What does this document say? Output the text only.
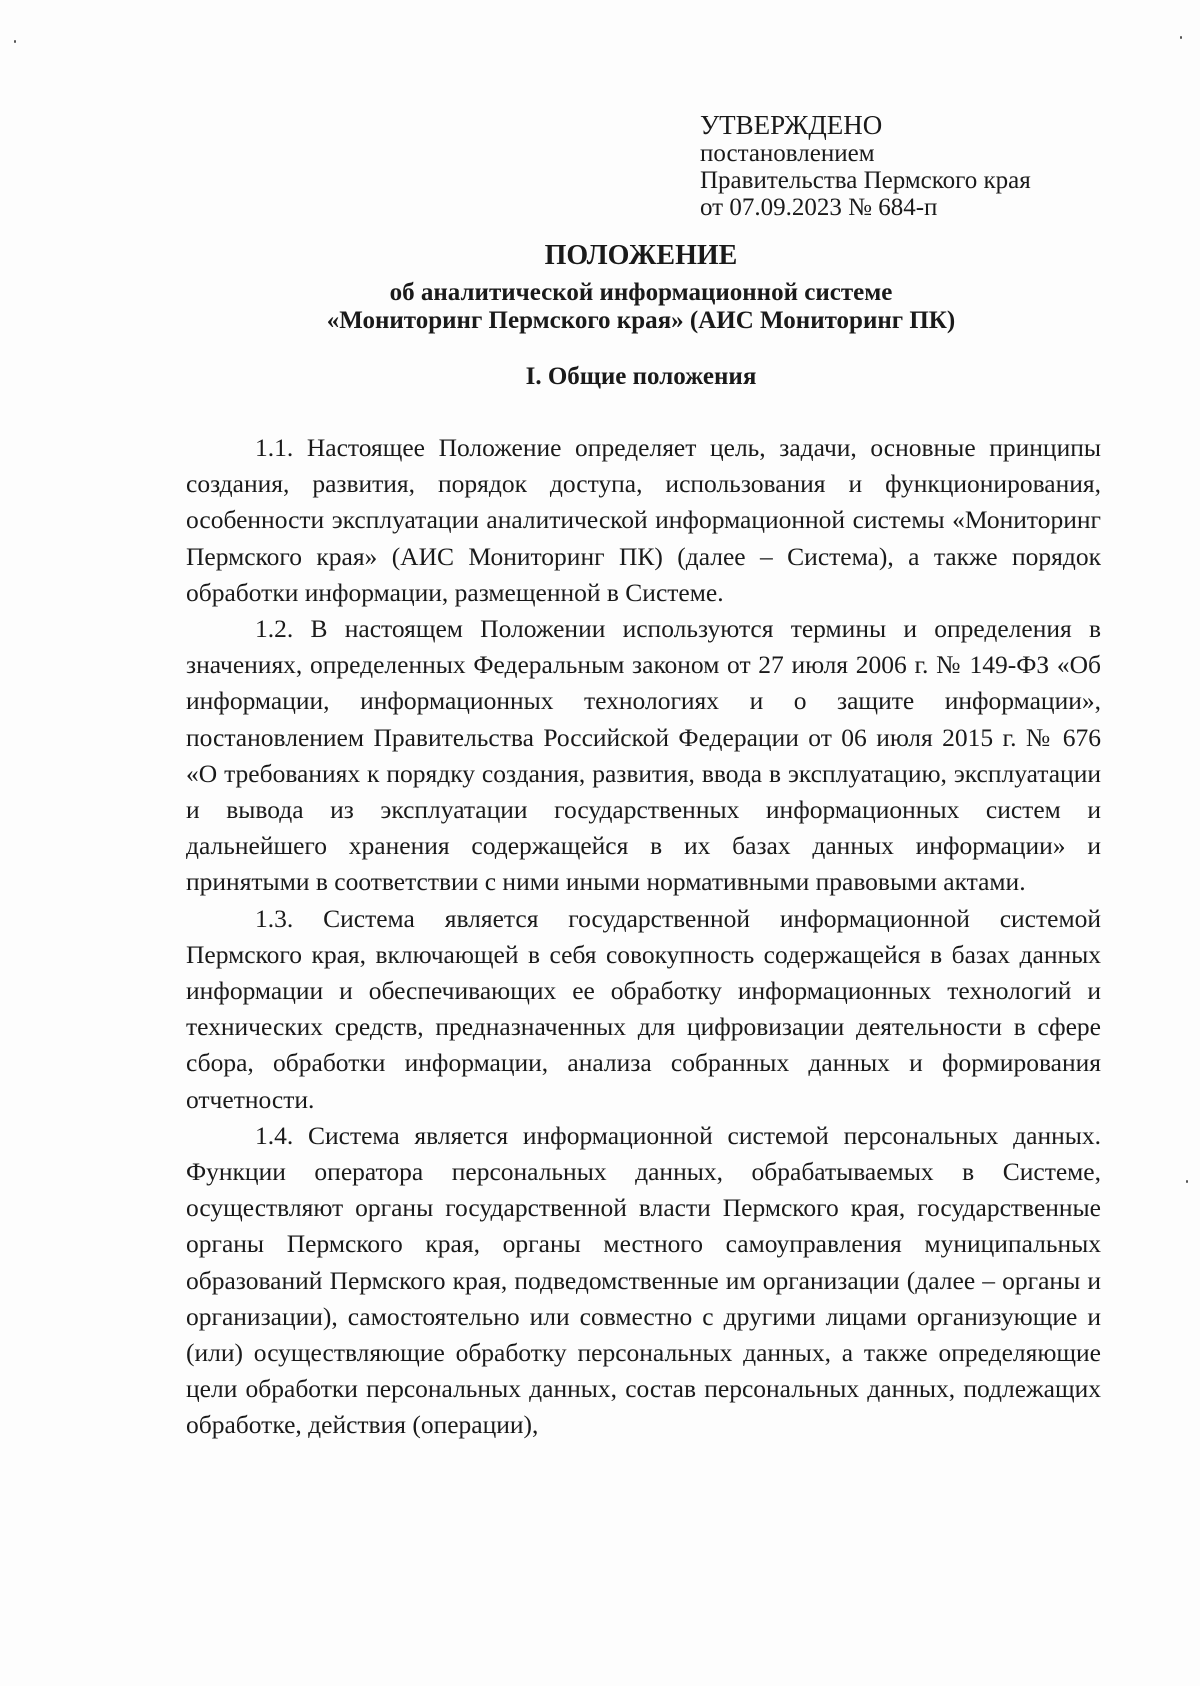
УТВЕРЖДЕНО
постановлением
Правительства Пермского края
от 07.09.2023 № 684-п
ПОЛОЖЕНИЕ
об аналитической информационной системе
«Мониторинг Пермского края» (АИС Мониторинг ПК)
I. Общие положения

1.1. Настоящее Положение определяет цель, задачи, основные принципы создания, развития, порядок доступа, использования и функционирования, особенности эксплуатации аналитической информационной системы «Мониторинг Пермского края» (АИС Мониторинг ПК) (далее – Система), а также порядок обработки информации, размещенной в Системе.

1.2. В настоящем Положении используются термины и определения в значениях, определенных Федеральным законом от 27 июля 2006 г. № 149-ФЗ «Об информации, информационных технологиях и о защите информации», постановлением Правительства Российской Федерации от 06 июля 2015 г. № 676 «О требованиях к порядку создания, развития, ввода в эксплуатацию, эксплуатации и вывода из эксплуатации государственных информационных систем и дальнейшего хранения содержащейся в их базах данных информации» и принятыми в соответствии с ними иными нормативными правовыми актами.

1.3. Система является государственной информационной системой Пермского края, включающей в себя совокупность содержащейся в базах данных информации и обеспечивающих ее обработку информационных технологий и технических средств, предназначенных для цифровизации деятельности в сфере сбора, обработки информации, анализа собранных данных и формирования отчетности.

1.4. Система является информационной системой персональных данных. Функции оператора персональных данных, обрабатываемых в Системе, осуществляют органы государственной власти Пермского края, государственные органы Пермского края, органы местного самоуправления муниципальных образований Пермского края, подведомственные им организации (далее – органы и организации), самостоятельно или совместно с другими лицами организующие и (или) осуществляющие обработку персональных данных, а также определяющие цели обработки персональных данных, состав персональных данных, подлежащих обработке, действия (операции),
